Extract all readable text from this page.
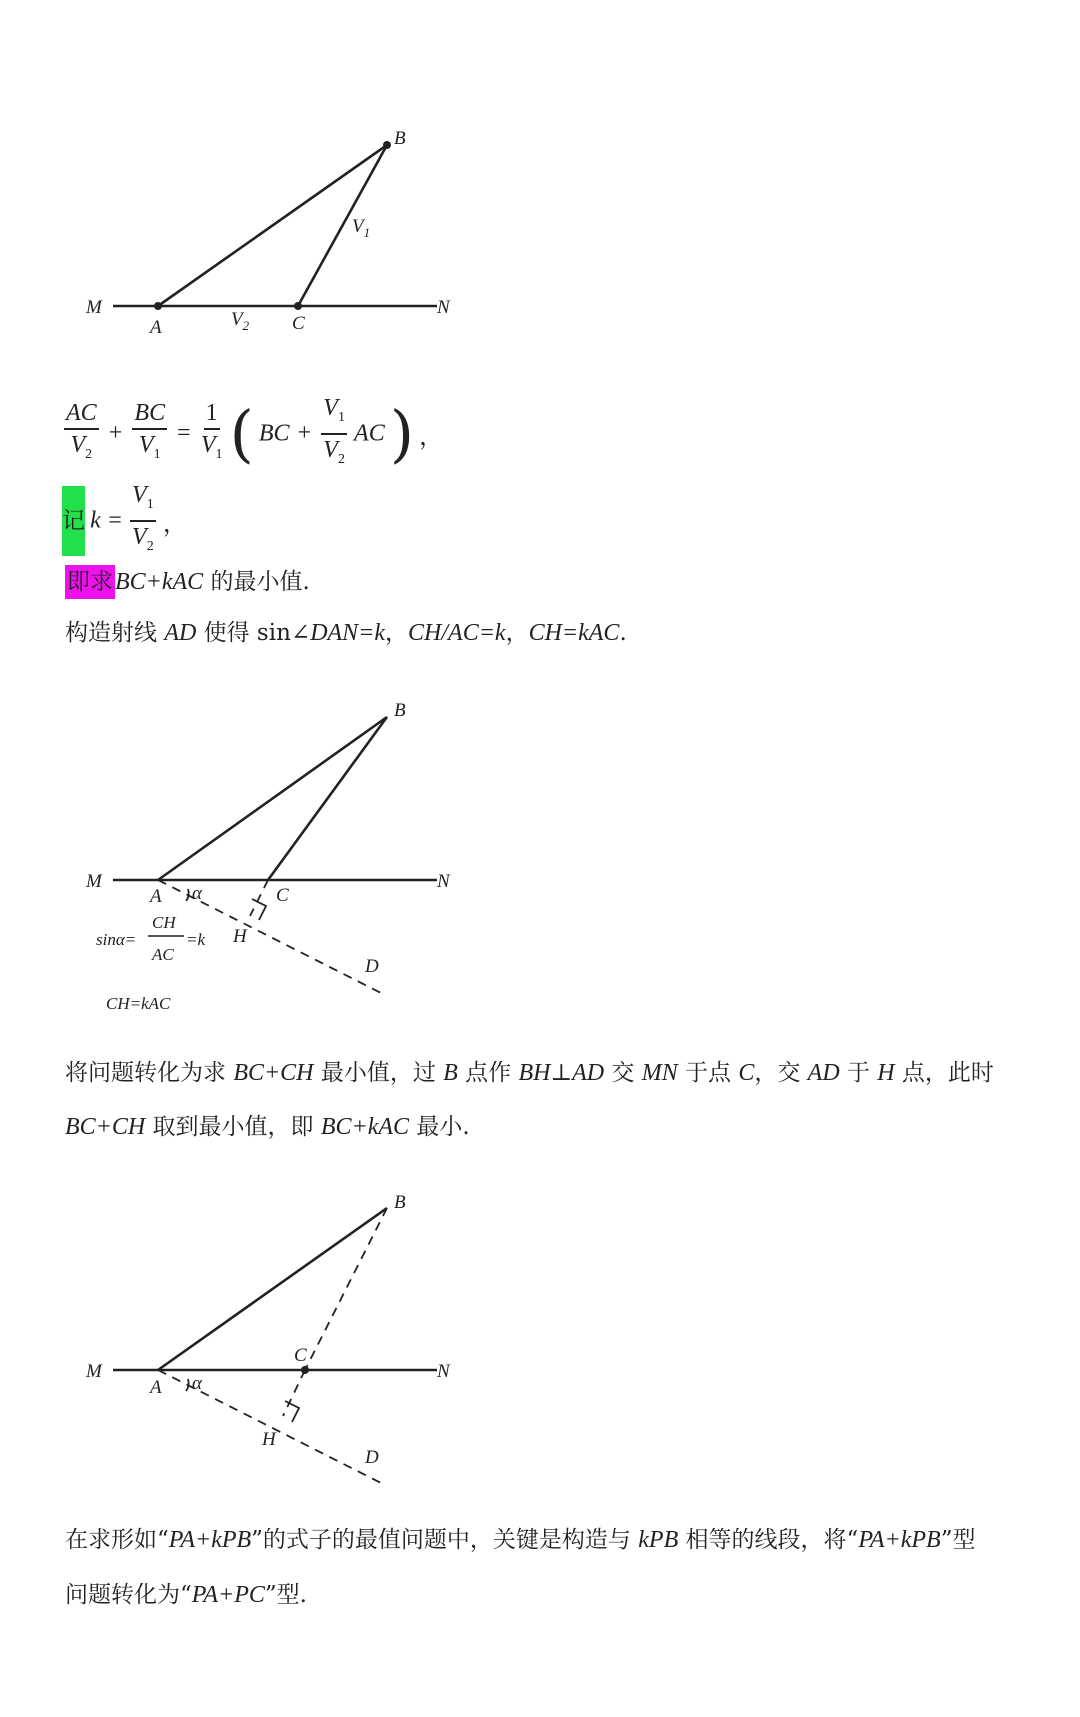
B
$V_1$
M
A	$V_2$ C
N
$\frac{AC}{V_2} + \frac{BC}{V_1} = \frac{1}{V_1}$ ( BC + $\frac{V_1}{V_2}$ AC ) ，
记 $k = \frac{V_1}{V_2}$ ，
即求BC+kAC 的最小值.
构造射线 AD 使得 sin∠DAN=k，CH/AC=k，CH=kAC.
B
M
A α	C
N
H
D
sinα=
CH
AC
=k
CH=kAC
将问题转化为求 BC+CH 最小值，过 B 点作 BH⊥AD 交 MN 于点 C，交 AD 于 H 点，此时
BC+CH 取到最小值，即 BC+kAC 最小.
B
M
A α
C
N
H
D
在求形如“PA+kPB”的式子的最值问题中，关键是构造与 kPB 相等的线段，将“PA+kPB”型
问题转化为“PA+PC”型.
